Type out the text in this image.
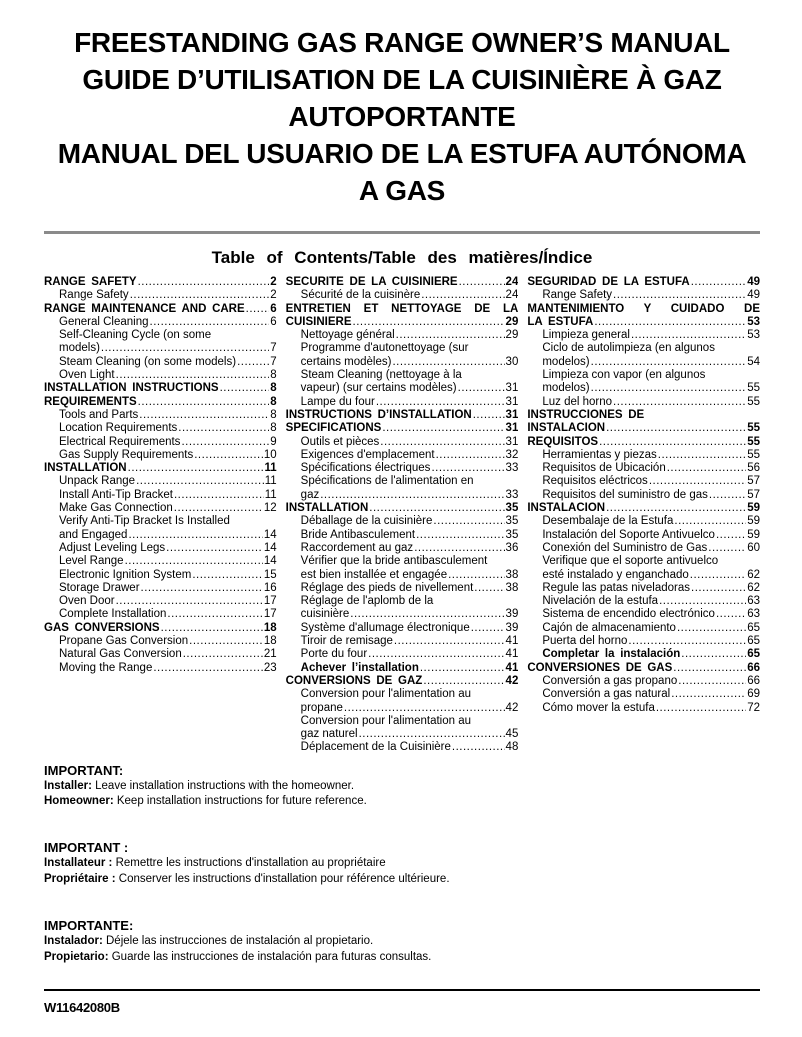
FREESTANDING GAS RANGE OWNER’S MANUAL
GUIDE D’UTILISATION DE LA CUISINIÈRE À GAZ
AUTOPORTANTE
MANUAL DEL USUARIO DE LA ESTUFA AUTÓNOMA
A GAS
Table of Contents/Table des matières/Índice
RANGE SAFETY .....	2
Range Safety .....	2
RANGE MAINTENANCE AND CARE ..... 6
General Cleaning .....	6
Self-Cleaning Cycle (on some
models) .....	7
Steam Cleaning (on some models) .....	7
Oven Light .....	8
INSTALLATION INSTRUCTIONS .....	8
REQUIREMENTS .....	8
Tools and Parts .....	8
Location Requirements .....	8
Electrical Requirements .....	9
Gas Supply Requirements .....	10
INSTALLATION .....	11
Unpack Range .....	11
Install Anti-Tip Bracket .....	11
Make Gas Connection .....	12
Verify Anti-Tip Bracket Is Installed
and Engaged .....	14
Adjust Leveling Legs .....	14
Level Range .....	14
Electronic Ignition System .....	15
Storage Drawer .....	16
Oven Door .....	17
Complete Installation .....	17
GAS CONVERSIONS .....	18
Propane Gas Conversion .....	18
Natural Gas Conversion .....	21
Moving the Range .....	23
SÉCURITÉ DE LA CUISINIÈRE .....	24
Sécurité de la cuisinère .....	24
ENTRETIEN ET NETTOYAGE DE LA
CUISINIÈRE .....	29
Nettoyage général .....	29
Programme d'autonettoyage (sur
certains modèles) .....	30
Steam Cleaning (nettoyage à la
vapeur) (sur certains modèles) .....	31
Lampe du four .....	31
INSTRUCTIONS D’INSTALLATION .....	31
SPÉCIFICATIONS .....	31
Outils et pièces .....	31
Exigences d'emplacement .....	32
Spécifications électriques .....	33
Spécifications de l'alimentation en
gaz .....	33
INSTALLATION .....	35
Déballage de la cuisinière .....	35
Bride Antibasculement .....	35
Raccordement au gaz .....	36
Vérifier que la bride antibasculement
est bien installée et engagée .....	38
Réglage des pieds de nivellement .....	38
Réglage de l'aplomb de la
cuisinière .....	39
Système d'allumage électronique .....	39
Tiroir de remisage .....	41
Porte du four .....	41
Achever l’installation .....	41
CONVERSIONS DE GAZ .....	42
Conversion pour l'alimentation au
propane .....	42
Conversion pour l'alimentation au
gaz naturel .....	45
Déplacement de la Cuisinière .....	48
SEGURIDAD DE LA ESTUFA .....	49
Range Safety .....	49
MANTENIMIENTO Y CUIDADO DE
LA ESTUFA .....	53
Limpieza general .....	53
Ciclo de autolimpieza (en algunos
modelos) .....	54
Limpieza con vapor (en algunos
modelos) .....	55
Luz del horno .....	55
INSTRUCCIONES DE
INSTALACIÓN .....	55
REQUISITOS .....	55
Herramientas y piezas .....	55
Requisitos de Ubicación .....	56
Requisitos eléctricos .....	57
Requisitos del suministro de gas .....	57
INSTALACIÓN .....	59
Desembalaje de la Estufa .....	59
Instalación del Soporte Antivuelco .....	59
Conexión del Suministro de Gas .....	60
Verifique que el soporte antivuelco
esté instalado y enganchado .....	62
Regule las patas niveladoras .....	62
Nivelación de la estufa .....	63
Sistema de encendido electrónico .....	63
Cajón de almacenamiento .....	65
Puerta del horno .....	65
Completar la instalación .....	65
CONVERSIONES DE GAS .....	66
Conversión a gas propano .....	66
Conversión a gas natural .....	69
Cómo mover la estufa .....	72
IMPORTANT:
Installer: Leave installation instructions with the homeowner.
Homeowner: Keep installation instructions for future reference.
IMPORTANT :
Installateur : Remettre les instructions d'installation au propriétaire
Propriétaire : Conserver les instructions d'installation pour référence ultérieure.
IMPORTANTE:
Instalador: Déjele las instrucciones de instalación al propietario.
Propietario: Guarde las instrucciones de instalación para futuras consultas.
W11642080B
